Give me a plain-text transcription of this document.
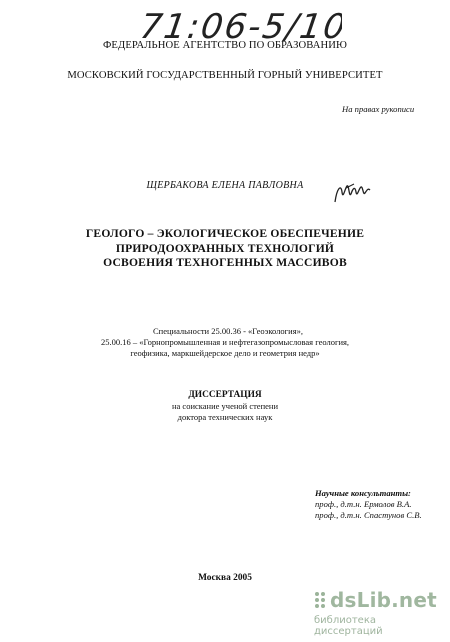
71:06-5/101
ФЕДЕРАЛЬНОЕ АГЕНТСТВО ПО ОБРАЗОВАНИЮ
МОСКОВСКИЙ ГОСУДАРСТВЕННЫЙ ГОРНЫЙ УНИВЕРСИТЕТ
На правах рукописи
ЩЕРБАКОВА ЕЛЕНА ПАВЛОВНА
ГЕОЛОГО – ЭКОЛОГИЧЕСКОЕ ОБЕСПЕЧЕНИЕ
ПРИРОДООХРАННЫХ ТЕХНОЛОГИЙ
ОСВОЕНИЯ ТЕХНОГЕННЫХ МАССИВОВ
Специальности 25.00.36 - «Геоэкология»,
25.00.16 – «Горнопромышленная и нефтегазопромысловая геология,
геофизика, маркшейдерское дело и геометрия недр»
ДИССЕРТАЦИЯ
на соискание ученой степени
доктора технических наук
Научные консультанты:
проф., д.т.н. Ермолов В.А.
проф., д.т.н. Спастунов С.В.
Москва 2005
dsLib.net
библиотека диссертаций
